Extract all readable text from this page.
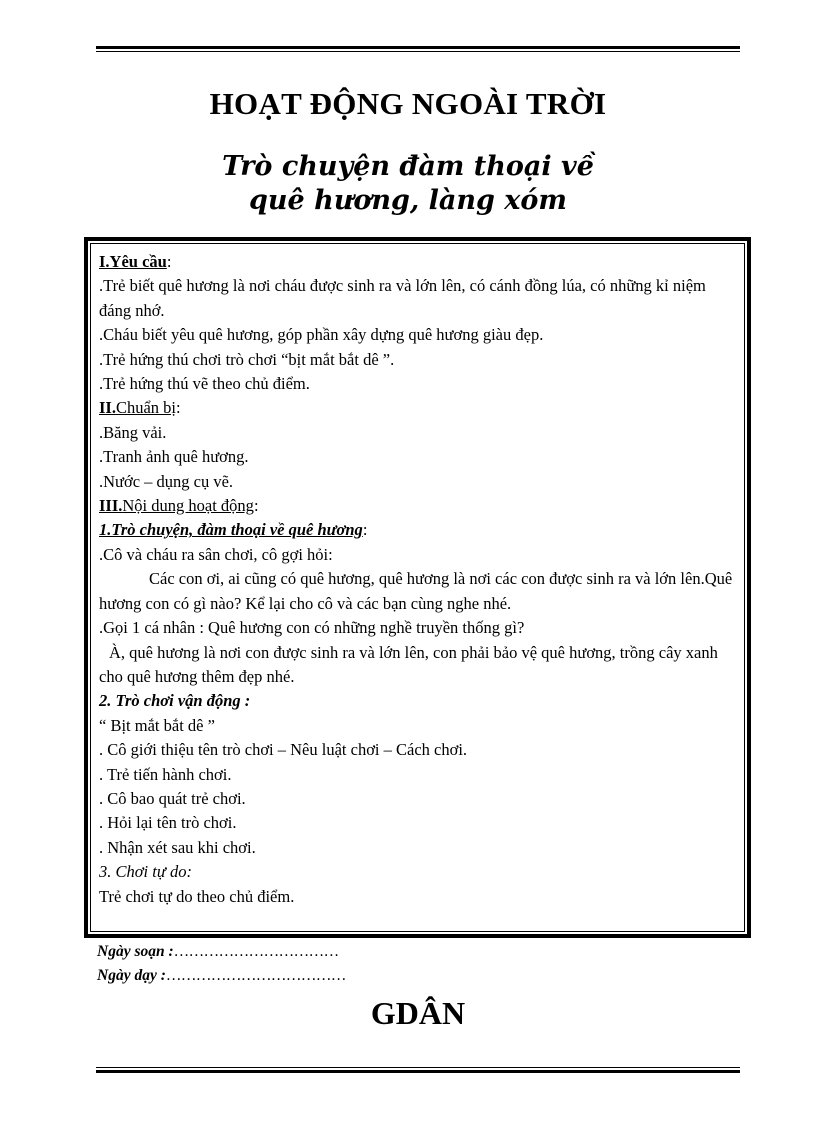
HOẠT ĐỘNG NGOÀI TRỜI
Trò chuyện đàm thoại về
quê hương, làng xóm

I.Yêu cầu:

.Trẻ biết quê hương là nơi cháu được sinh ra và lớn lên, có cánh đồng lúa, có những kỉ niệm đáng nhớ.

.Cháu biết yêu quê hương, góp phần xây dựng quê hương giàu đẹp.

.Trẻ hứng thú chơi trò chơi “bịt mắt bắt dê ”.

.Trẻ hứng thú vẽ theo chủ điểm.

II.Chuẩn bị:

.Băng vải.

.Tranh ảnh quê hương.

.Nước – dụng cụ vẽ.

III.Nội dung hoạt động:

1.Trò chuyện, đàm thoại về quê hương:

.Cô và cháu ra sân chơi, cô gợi hỏi:

Các con ơi, ai cũng có quê hương, quê hương là nơi các con được sinh ra và lớn lên.Quê hương con có gì nào? Kể lại cho cô và các bạn cùng nghe nhé.

.Gọi 1 cá nhân : Quê hương con có những nghề truyền thống gì?

À, quê hương là nơi con được sinh ra và lớn lên, con phải bảo vệ quê hương, trồng cây xanh cho quê hương thêm đẹp nhé.

2. Trò chơi vận động :

“ Bịt mắt bắt dê ”

. Cô giới thiệu tên trò chơi – Nêu luật chơi – Cách chơi.

. Trẻ tiến hành chơi.

. Cô bao quát trẻ chơi.

. Hỏi lại tên trò chơi.

. Nhận xét sau khi chơi.

3. Chơi tự do:

Trẻ chơi tự do theo chủ điểm.

Ngày soạn :……………………………
Ngày dạy :………………………………
GDÂN
